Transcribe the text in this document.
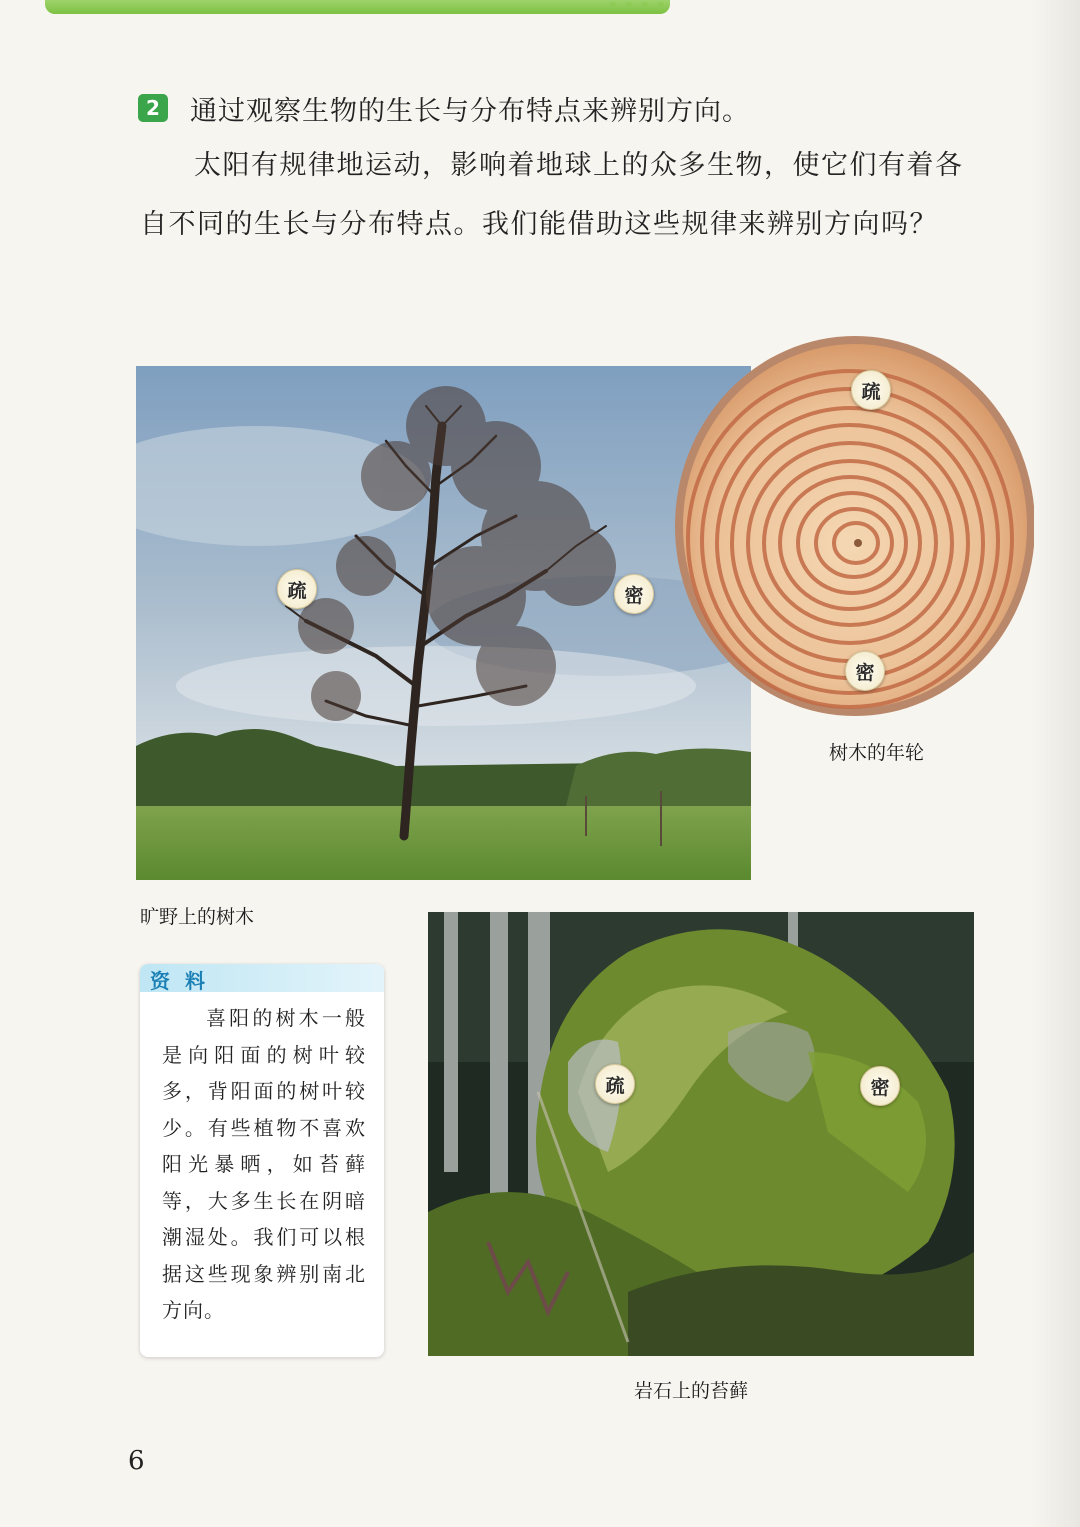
2 通过观察生物的生长与分布特点来辨别方向。
太阳有规律地运动，影响着地球上的众多生物，使它们有着各自不同的生长与分布特点。我们能借助这些规律来辨别方向吗？
疏	密
疏
密
树木的年轮
旷野上的树木
疏	密
岩石上的苔藓
资 料
喜阳的树木一般是向阳面的树叶较多，背阳面的树叶较少。有些植物不喜欢阳光暴晒，如苔藓等，大多生长在阴暗潮湿处。我们可以根据这些现象辨别南北方向。
6
